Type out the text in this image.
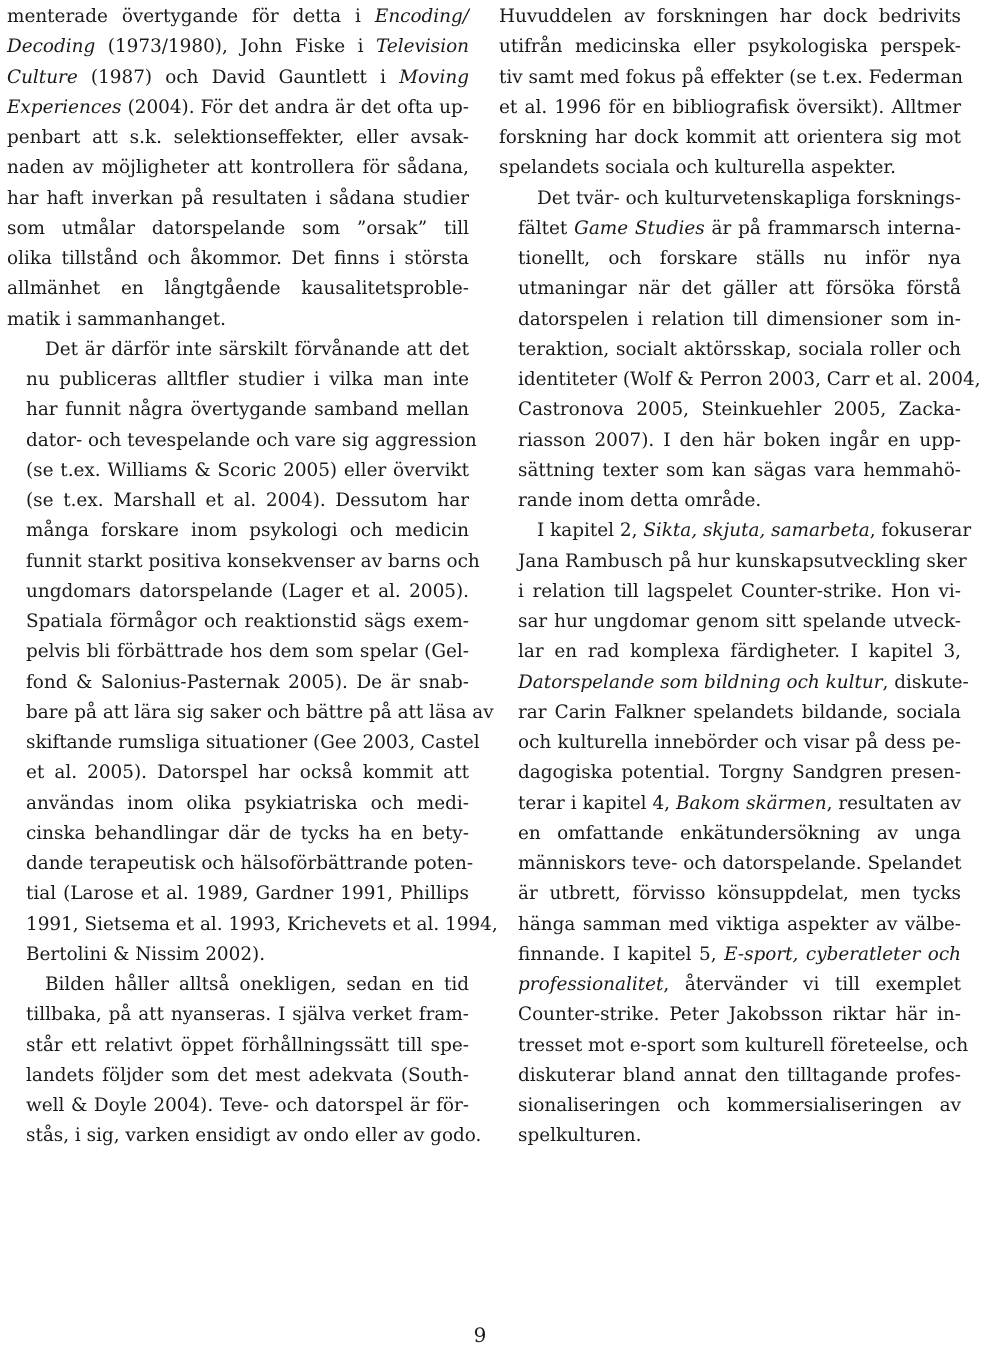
menterade övertygande för detta i Encoding/
Decoding (1973/1980), John Fiske i Television
Culture (1987) och David Gauntlett i Moving
Experiences (2004). För det andra är det ofta up-
penbart att s.k. selektionseffekter, eller avsak-
naden av möjligheter att kontrollera för sådana,
har haft inverkan på resultaten i sådana studier
som utmålar datorspelande som ”orsak” till
olika tillstånd och åkommor. Det finns i största
allmänhet en långtgående kausalitetsproble-
matik i sammanhanget.
Det är därför inte särskilt förvånande att det
nu publiceras alltfler studier i vilka man inte
har funnit några övertygande samband mellan
dator- och tevespelande och vare sig aggression
(se t.ex. Williams & Scoric 2005) eller övervikt
(se t.ex. Marshall et al. 2004). Dessutom har
många forskare inom psykologi och medicin
funnit starkt positiva konsekvenser av barns och
ungdomars datorspelande (Lager et al. 2005).
Spatiala förmågor och reaktionstid sägs exem-
pelvis bli förbättrade hos dem som spelar (Gel-
fond & Salonius-Pasternak 2005). De är snab-
bare på att lära sig saker och bättre på att läsa av
skiftande rumsliga situationer (Gee 2003, Castel
et al. 2005). Datorspel har också kommit att
användas inom olika psykiatriska och medi-
cinska behandlingar där de tycks ha en bety-
dande terapeutisk och hälsoförbättrande poten-
tial (Larose et al. 1989, Gardner 1991, Phillips
1991, Sietsema et al. 1993, Krichevets et al. 1994,
Bertolini & Nissim 2002).
Bilden håller alltså onekligen, sedan en tid
tillbaka, på att nyanseras. I själva verket fram-
står ett relativt öppet förhållningssätt till spe-
landets följder som det mest adekvata (South-
well & Doyle 2004). Teve- och datorspel är för-
stås, i sig, varken ensidigt av ondo eller av godo.
Huvuddelen av forskningen har dock bedrivits
utifrån medicinska eller psykologiska perspek-
tiv samt med fokus på effekter (se t.ex. Federman
et al. 1996 för en bibliografisk översikt). Alltmer
forskning har dock kommit att orientera sig mot
spelandets sociala och kulturella aspekter.
Det tvär- och kulturvetenskapliga forsknings-
fältet Game Studies är på frammarsch interna-
tionellt, och forskare ställs nu inför nya
utmaningar när det gäller att försöka förstå
datorspelen i relation till dimensioner som in-
teraktion, socialt aktörsskap, sociala roller och
identiteter (Wolf & Perron 2003, Carr et al. 2004,
Castronova 2005, Steinkuehler 2005, Zacka-
riasson 2007). I den här boken ingår en upp-
sättning texter som kan sägas vara hemmahö-
rande inom detta område.
I kapitel 2, Sikta, skjuta, samarbeta, fokuserar
Jana Rambusch på hur kunskapsutveckling sker
i relation till lagspelet Counter-strike. Hon vi-
sar hur ungdomar genom sitt spelande utveck-
lar en rad komplexa färdigheter. I kapitel 3,
Datorspelande som bildning och kultur, diskute-
rar Carin Falkner spelandets bildande, sociala
och kulturella innebörder och visar på dess pe-
dagogiska potential. Torgny Sandgren presen-
terar i kapitel 4, Bakom skärmen, resultaten av
en omfattande enkätundersökning av unga
människors teve- och datorspelande. Spelandet
är utbrett, förvisso könsuppdelat, men tycks
hänga samman med viktiga aspekter av välbe-
finnande. I kapitel 5, E-sport, cyberatleter och
professionalitet, återvänder vi till exemplet
Counter-strike. Peter Jakobsson riktar här in-
tresset mot e-sport som kulturell företeelse, och
diskuterar bland annat den tilltagande profes-
sionaliseringen och kommersialiseringen av
spelkulturen.
9
